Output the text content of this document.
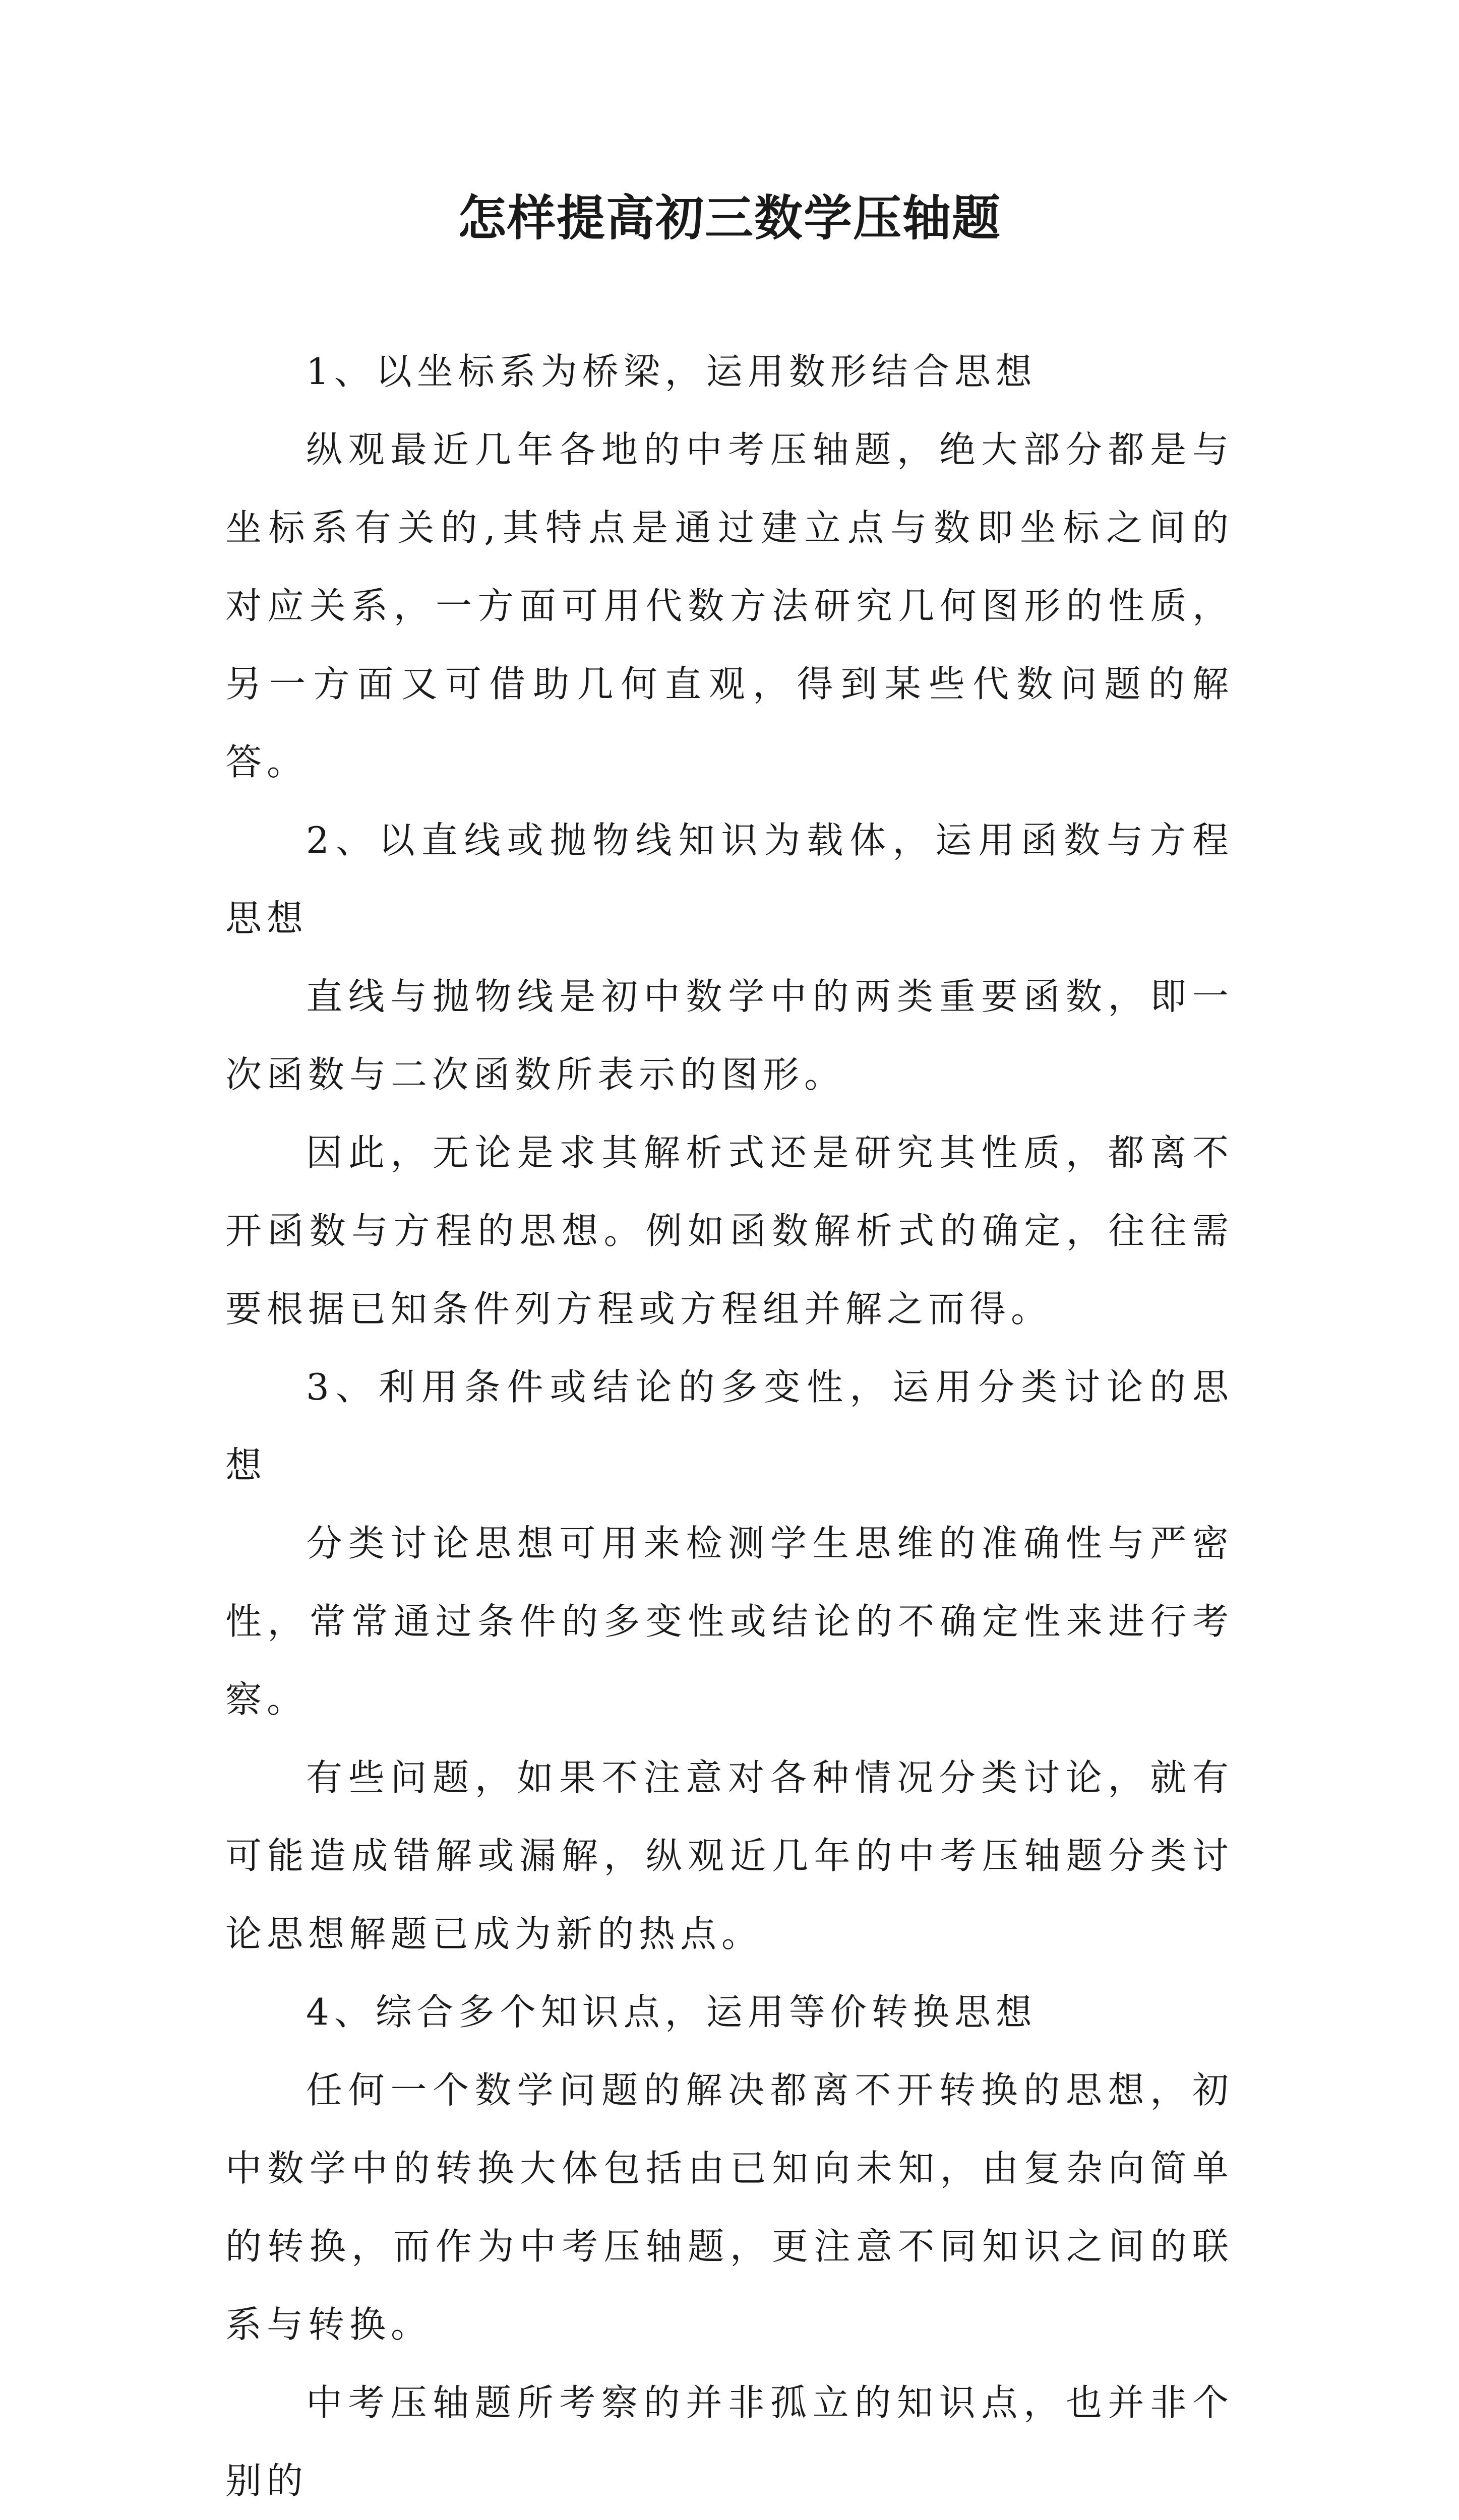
怎样提高初三数学压轴题

1、以坐标系为桥梁，运用数形结合思想

纵观最近几年各地的中考压轴题，绝大部分都是与坐标系有关的,其特点是通过建立点与数即坐标之间的对应关系，一方面可用代数方法研究几何图形的性质，另一方面又可借助几何直观，得到某些代数问题的解答。

2、以直线或抛物线知识为载体，运用函数与方程思想

直线与抛物线是初中数学中的两类重要函数，即一次函数与二次函数所表示的图形。

因此，无论是求其解析式还是研究其性质，都离不开函数与方程的思想。例如函数解析式的确定，往往需要根据已知条件列方程或方程组并解之而得。

3、利用条件或结论的多变性，运用分类讨论的思想

分类讨论思想可用来检测学生思维的准确性与严密性，常常通过条件的多变性或结论的不确定性来进行考察。

有些问题，如果不注意对各种情况分类讨论，就有可能造成错解或漏解，纵观近几年的中考压轴题分类讨论思想解题已成为新的热点。

4、综合多个知识点，运用等价转换思想

任何一个数学问题的解决都离不开转换的思想，初中数学中的转换大体包括由已知向未知，由复杂向简单的转换，而作为中考压轴题，更注意不同知识之间的联系与转换。

中考压轴题所考察的并非孤立的知识点，也并非个别的
